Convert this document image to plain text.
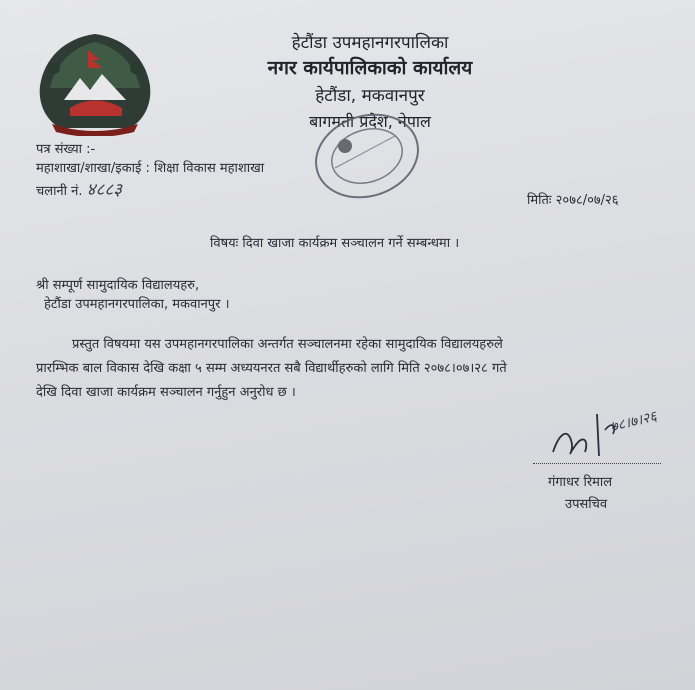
हेटौंडा उपमहानगरपालिका
नगर कार्यपालिकाको कार्यालय
हेटौंडा, मकवानपुर
बागमती प्रदेश, नेपाल
पत्र संख्या :-
महाशाखा/शाखा/इकाई : शिक्षा विकास महाशाखा
चलानी नं. ४८८३
मितिः २०७८/०७/२६
विषयः दिवा खाजा कार्यक्रम सञ्चालन गर्ने सम्बन्धमा ।
श्री सम्पूर्ण सामुदायिक विद्यालयहरु,
हेटौंडा उपमहानगरपालिका, मकवानपुर ।
प्रस्तुत विषयमा यस उपमहानगरपालिका अन्तर्गत सञ्चालनमा रहेका सामुदायिक विद्यालयहरुले
प्रारम्भिक बाल विकास देखि कक्षा ५ सम्म अध्ययनरत सबै विद्यार्थीहरुको लागि मिति २०७८।०७।२८ गते
देखि दिवा खाजा कार्यक्रम सञ्चालन गर्नुहुन अनुरोध छ ।
७८।७।२६
गंगाधर रिमाल
उपसचिव
